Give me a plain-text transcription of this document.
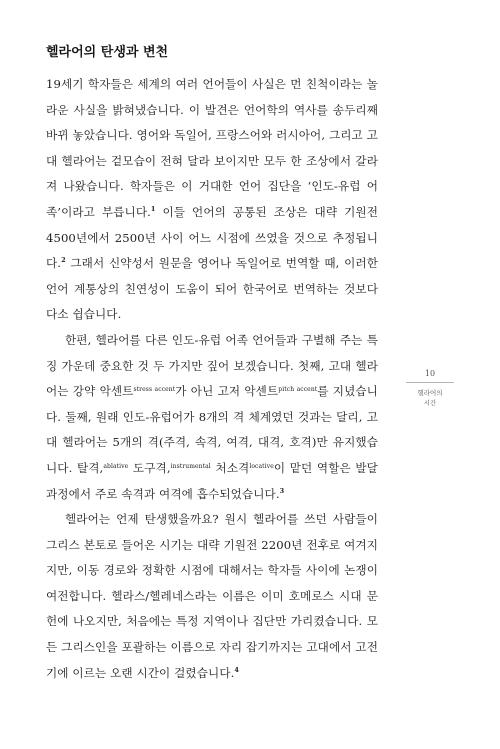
헬라어의 탄생과 변천

19세기 학자들은 세계의 여러 언어들이 사실은 먼 친척이라는 놀라운 사실을 밝혀냈습니다. 이 발견은 언어학의 역사를 송두리째 바뀌 놓았습니다. 영어와 독일어, 프랑스어와 러시아어, 그리고 고대 헬라어는 겉모습이 전혀 달라 보이지만 모두 한 조상에서 갈라져 나왔습니다. 학자들은 이 거대한 언어 집단을 ‘인도-유럽 어족’이라고 부릅니다.$^1$ 이들 언어의 공통된 조상은 대략 기원전 4500년에서 2500년 사이 어느 시점에 쓰였을 것으로 추정됩니다.$^2$ 그래서 신약성서 원문을 영어나 독일어로 번역할 때, 이러한 언어 계통상의 친연성이 도움이 되어 한국어로 번역하는 것보다 다소 쉽습니다.

한편, 헬라어를 다른 인도-유럽 어족 언어들과 구별해 주는 특징 가운데 중요한 것 두 가지만 짚어 보겠습니다. 첫째, 고대 헬라어는 강약 악센트$^{stress accent}$가 아닌 고저 악센트$^{pitch accent}$를 지녔습니다. 둘째, 원래 인도-유럽어가 8개의 격 체계였던 것과는 달리, 고대 헬라어는 5개의 격(주격, 속격, 여격, 대격, 호격)만 유지했습니다. 탈격,$^{ablative}$ 도구격,$^{instrumental}$ 처소격$^{locative}$이 맡던 역할은 발달 과정에서 주로 속격과 여격에 흡수되었습니다.$^3$

헬라어는 언제 탄생했을까요? 원시 헬라어를 쓰던 사람들이 그리스 본토로 들어온 시기는 대략 기원전 2200년 전후로 여겨지지만, 이동 경로와 정확한 시점에 대해서는 학자들 사이에 논쟁이 여전합니다. 헬라스/헬레네스라는 이름은 이미 호메로스 시대 문헌에 나오지만, 처음에는 특정 지역이나 집단만 가리켰습니다. 모든 그리스인을 포괄하는 이름으로 자리 잡기까지는 고대에서 고전기에 이르는 오랜 시간이 걸렸습니다.$^4$

10
헬라어의
시간
